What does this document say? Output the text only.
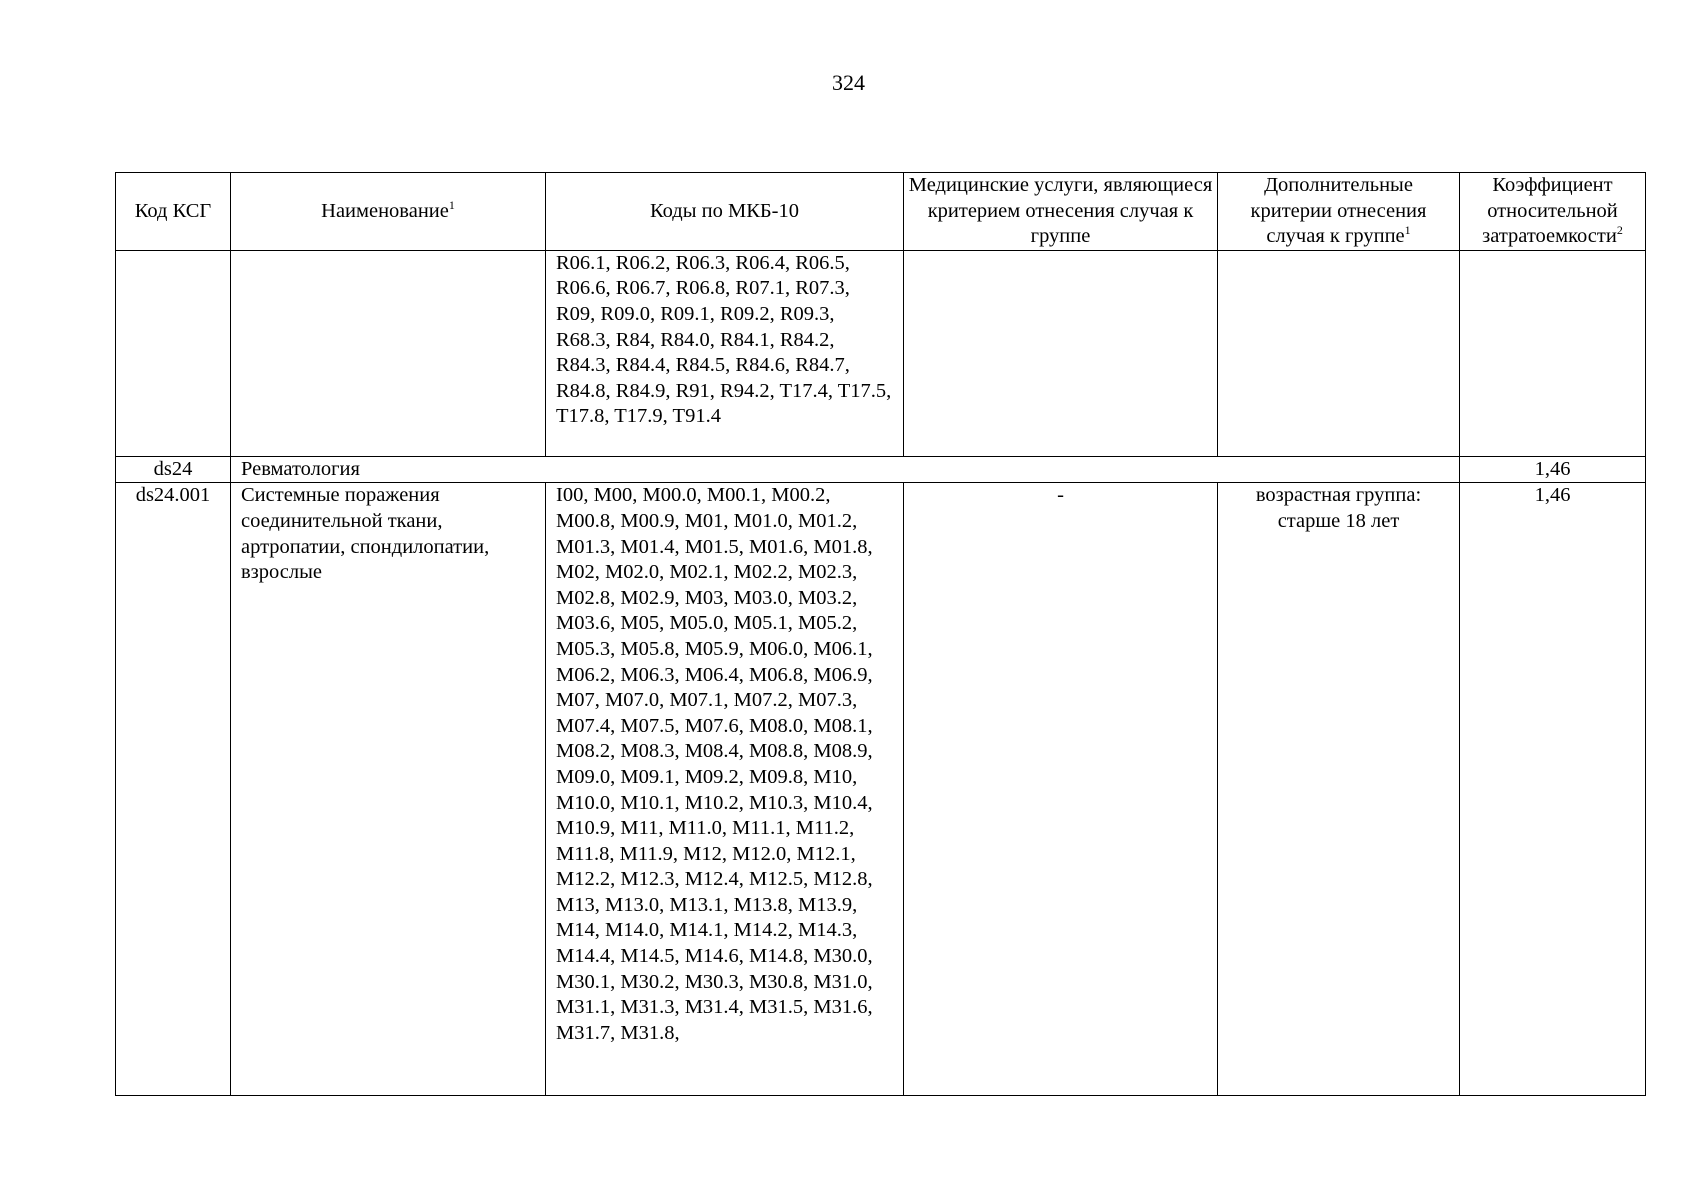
324
Код КСГ	Наименование$^1$	Коды по МКБ-10	Медицинские услуги, являющиеся критерием отнесения случая к группе	Дополнительные критерии отнесения случая к группе$^1$	Коэффициент относительной затратоемкости$^2$

		R06.1, R06.2, R06.3, R06.4, R06.5, R06.6, R06.7, R06.8, R07.1, R07.3, R09, R09.0, R09.1, R09.2, R09.3, R68.3, R84, R84.0, R84.1, R84.2, R84.3, R84.4, R84.5, R84.6, R84.7, R84.8, R84.9, R91, R94.2, T17.4, T17.5, T17.8, T17.9, T91.4			

ds24	Ревматология				1,46
ds24.001	Системные поражения соединительной ткани, артропатии, спондилопатии, взрослые	I00, M00, M00.0, M00.1, M00.2, M00.8, M00.9, M01, M01.0, M01.2, M01.3, M01.4, M01.5, M01.6, M01.8, M02, M02.0, M02.1, M02.2, M02.3, M02.8, M02.9, M03, M03.0, M03.2, M03.6, M05, M05.0, M05.1, M05.2, M05.3, M05.8, M05.9, M06.0, M06.1, M06.2, M06.3, M06.4, M06.8, M06.9, M07, M07.0, M07.1, M07.2, M07.3, M07.4, M07.5, M07.6, M08.0, M08.1, M08.2, M08.3, M08.4, M08.8, M08.9, M09.0, M09.1, M09.2, M09.8, M10, M10.0, M10.1, M10.2, M10.3, M10.4, M10.9, M11, M11.0, M11.1, M11.2, M11.8, M11.9, M12, M12.0, M12.1, M12.2, M12.3, M12.4, M12.5, M12.8, M13, M13.0, M13.1, M13.8, M13.9, M14, M14.0, M14.1, M14.2, M14.3, M14.4, M14.5, M14.6, M14.8, M30.0, M30.1, M30.2, M30.3, M30.8, M31.0, M31.1, M31.3, M31.4, M31.5, M31.6, M31.7, M31.8,	-	возрастная группа: старше 18 лет	1,46
